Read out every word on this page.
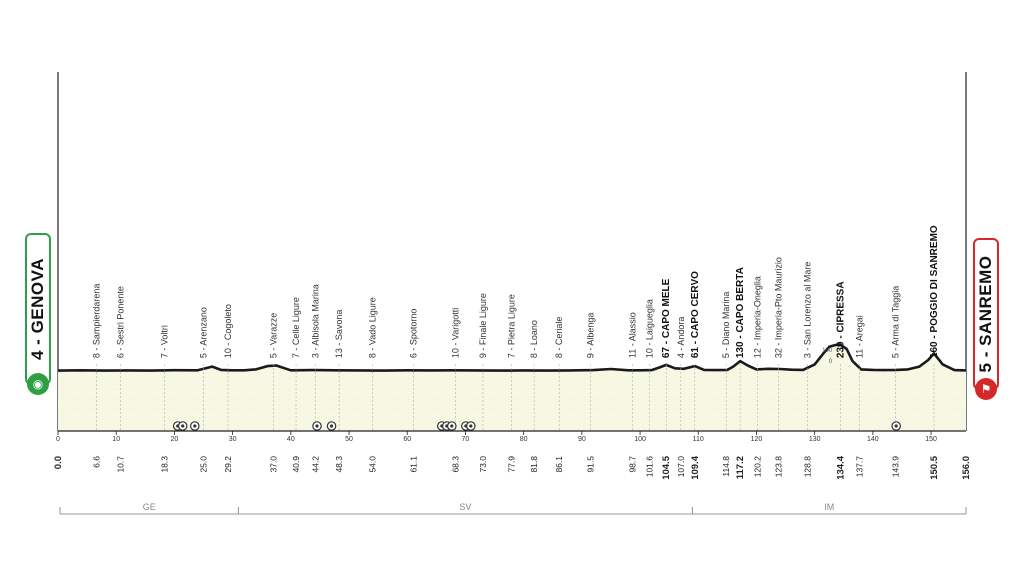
100
0
0	10	20	30	40	50	60	70	80	90	100	110	120	130	140	150
8 - Sampierdarena 6 - Sestri Ponente	7 - Voltri	5 - Arenzano 10 - Cogoleto	5 - Varazze 7 - Celle Ligure 3 - Albisola Marina 13 - Savona	8 - Vado Ligure	6 - Spotorno	10 - Varigotti 9 - Finale Ligure 7 - Pietra Ligure 8 - Loano 8 - Ceriale 9 - Albenga	11 - Alassio 10 - Laigueglia 67 - CAPO MELE 4 - Andora 61 - CAPO CERVO 5 - Diano Marina 130 - CAPO BERTA 12 - Imperia-Oneglia 32 - Imperia-Pto Maurizio 3 - San Lorenzo al Mare 239 - CIPRESSA 11 - Aregai	5 - Arma di Taggia	160 - POGGIO DI SANREMO
0.0	6.6 10.7	18.3	25.0 29.2	37.0 40.9 44.2 48.3	54.0	61.1	68.3 73.0 77.9 81.8 86.1	91.5	98.7 101.6 104.5 107.0 109.4 114.8 117.2 120.2 123.8 128.8 134.4 137.7	143.9	150.5 156.0
GE	SV	IM
4 - GENOVA
◉
5 - SANREMO
⚑
